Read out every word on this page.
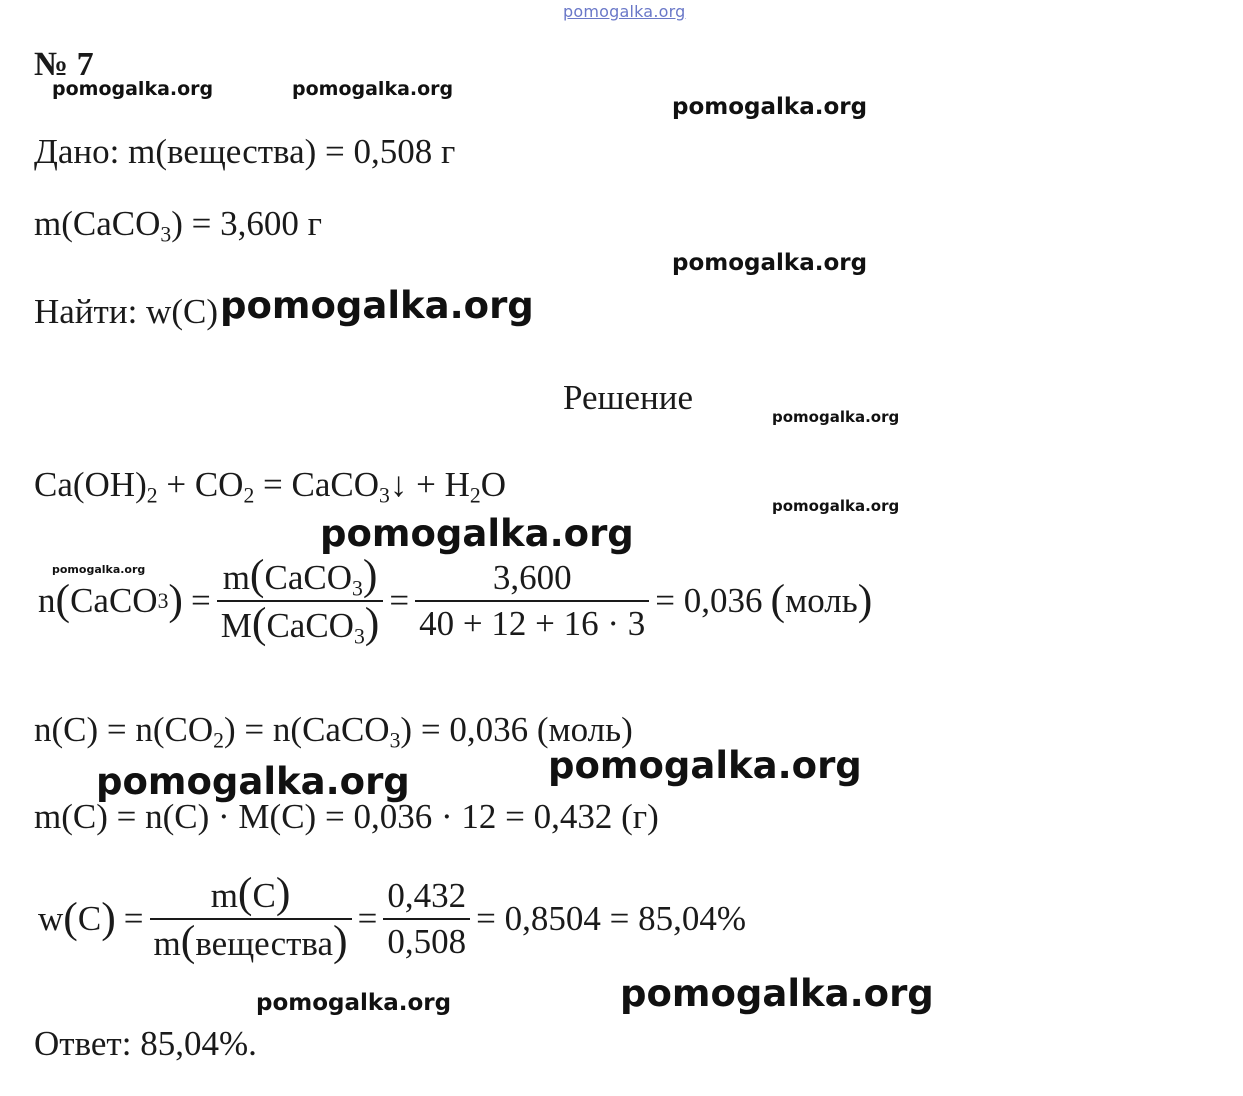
pomogalka.org
pomogalka.org	pomogalka.org
pomogalka.org
pomogalka.org
pomogalka.org
pomogalka.org
pomogalka.org
pomogalka.org
pomogalka.org
pomogalka.org	pomogalka.org
pomogalka.org	pomogalka.org
№ 7
Дано: m(вещества) = 0,508 г
m(CaCO$_3$) = 3,600 г
Найти: w(C)
Решение
$Ca(OH)_2 + CO_2$ = CaCO$_3$↓ + $H_2O$
n ( CaCO 3 ) = $\frac{m(CaCO_3)}{M(CaCO_3)} = \frac{3,600}{40 + 12 + 16 \cdot 3} = 0,036$ ( моль )
$n(C) = n(CO_2)$ = n(CaCO$_3$) = 0,036 (моль)
m(C) = n(C) · M(C) = 0,036 · 12 = 0,432 (г)
w ( C ) = $\frac{m(C)}{\text{m(вещества)}} = \frac{0,432}{0,508} = 0,8504 = 85,04\%$
Ответ: 85,04%.
